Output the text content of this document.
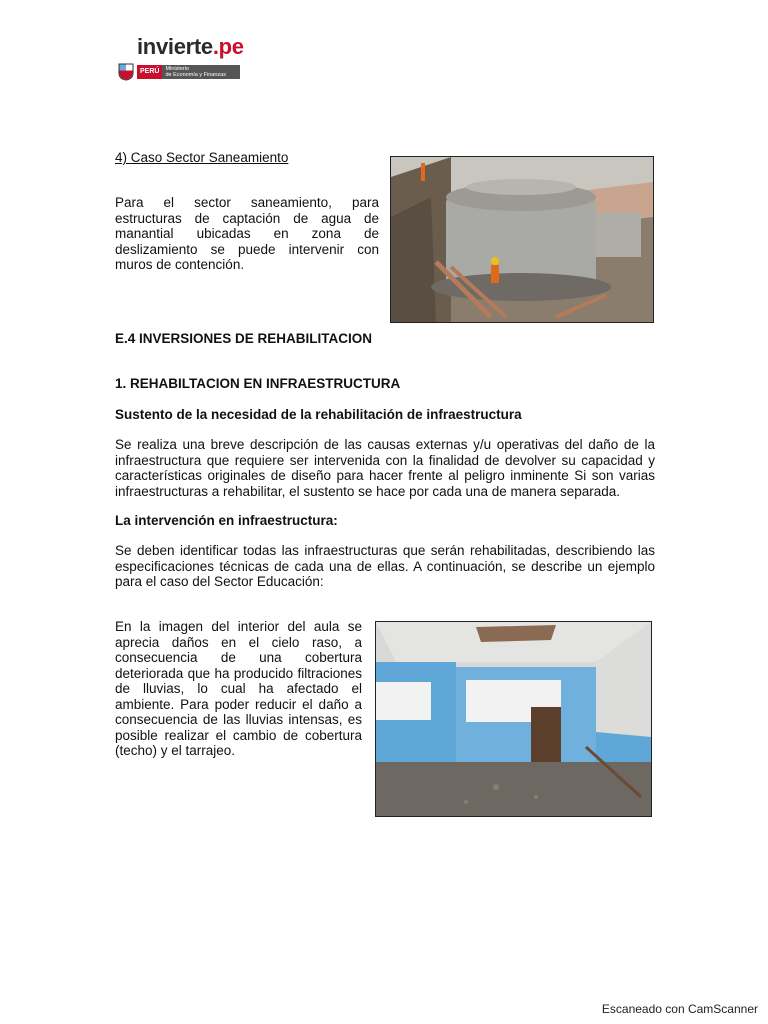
invierte.pe
PERÚ	Ministerio
de Economía y Finanzas
4) Caso Sector Saneamiento

Para el sector saneamiento, para estructuras de captación de agua de manantial ubicadas en zona de deslizamiento se puede intervenir con muros de contención.

E.4 INVERSIONES DE REHABILITACION
1. REHABILTACION EN INFRAESTRUCTURA
Sustento de la necesidad de la rehabilitación de infraestructura

Se realiza una breve descripción de las causas externas y/u operativas del daño de la infraestructura que requiere ser intervenida con la finalidad de devolver su capacidad y características originales de diseño para hacer frente al peligro inminente Si son varias infraestructuras a rehabilitar, el sustento se hace por cada una de manera separada.

La intervención en infraestructura:

Se deben identificar todas las infraestructuras que serán rehabilitadas, describiendo las especificaciones técnicas de cada una de ellas. A continuación, se describe un ejemplo para el caso del Sector Educación:

En la imagen del interior del aula se aprecia daños en el cielo raso, a consecuencia de una cobertura deteriorada que ha producido filtraciones de lluvias, lo cual ha afectado el ambiente. Para poder reducir el daño a consecuencia de las lluvias intensas, es posible realizar el cambio de cobertura (techo) y el tarrajeo.

Escaneado con CamScanner
